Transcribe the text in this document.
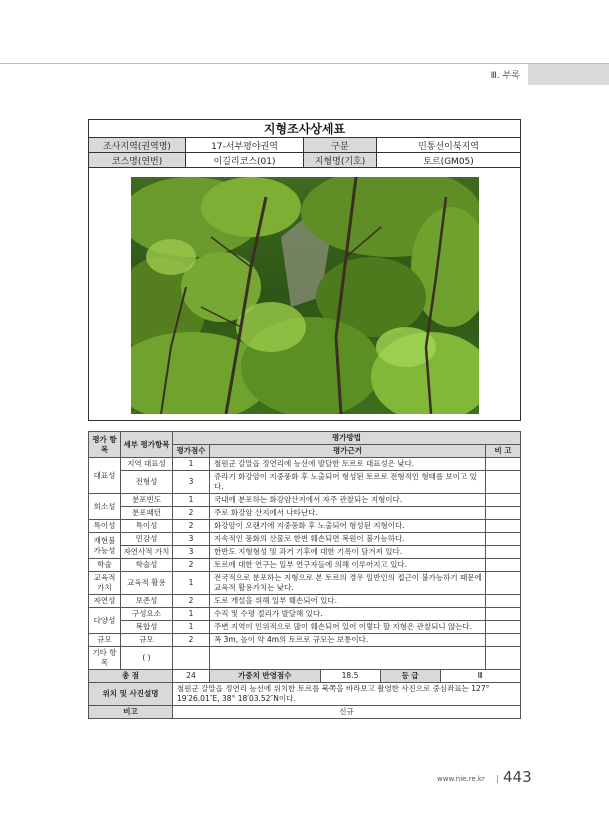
Ⅲ. 부록
지형조사상세표
조사지역(권역명)	17-서부평야권역	구분	민통선이북지역
코스명(연번)	이길리코스(01)	지형명(기호)	토르(GM05)
평가 항목	세부 평가항목	평가방법
평가점수	평가근거	비 고
대표성	지역 대표성	1	철원군 갈말읍 정연리에 능선에 발달한 토르로 대표성은 낮다.	
전형성	3	쥬라기 화강암이 지중풍화 후 노출되어 형성된 토르로 전형적인 형태를 보이고 있다.	
희소성	분포빈도	1	국내에 분포하는 화강암산지에서 자주 관찰되는 지형이다.	
분포패턴	2	주로 화강암 산지에서 나타난다.	
특이성	특이성	2	화강암이 오랜기에 지중풍화 후 노출되어 형성된 지형이다.	
재현불 가능성	민감성	3	지속적인 풍화의 산물로 한번 훼손되면 복원이 불가능하다.	
자연사적 가치	3	한반도 지형형성 및 과거 기후에 대한 기록이 담겨져 있다.	
학술	학술성	2	토르에 대한 연구는 일부 연구자들에 의해 이루어지고 있다.	
교육적 가치	교육적 활용	1	전국적으로 분포하는 지형으로 본 토르의 경우 일반인의 접근이 불가능하기 때문에 교육적 활용가치는 낮다.	
자연성	보존성	2	도로 개설을 위해 일부 훼손되어 있다.	
다양성	구성요소	1	수직 및 수평 절리가 발달해 있다.	
복합성	1	주변 지역이 인위적으로 많이 훼손되어 있어 이렇다 할 지형은 관찰되니 않는다.	
규모	규모	2	폭 3m, 높이 약 4m의 토르로 규모는 보통이다.	
기타 항목	( )			
총 점	24		가중치 반영점수	18.5	등 급	Ⅲ

위치 및 사진설명	철원군 갈말읍 정연리 능선에 위치한 토르를 북쪽을 바라보고 촬영한 사진으로 중심좌표는 127° 19′26.01″E, 38° 18′03.52″N이다.
비고	신규
www.nie.re.kr | 443
